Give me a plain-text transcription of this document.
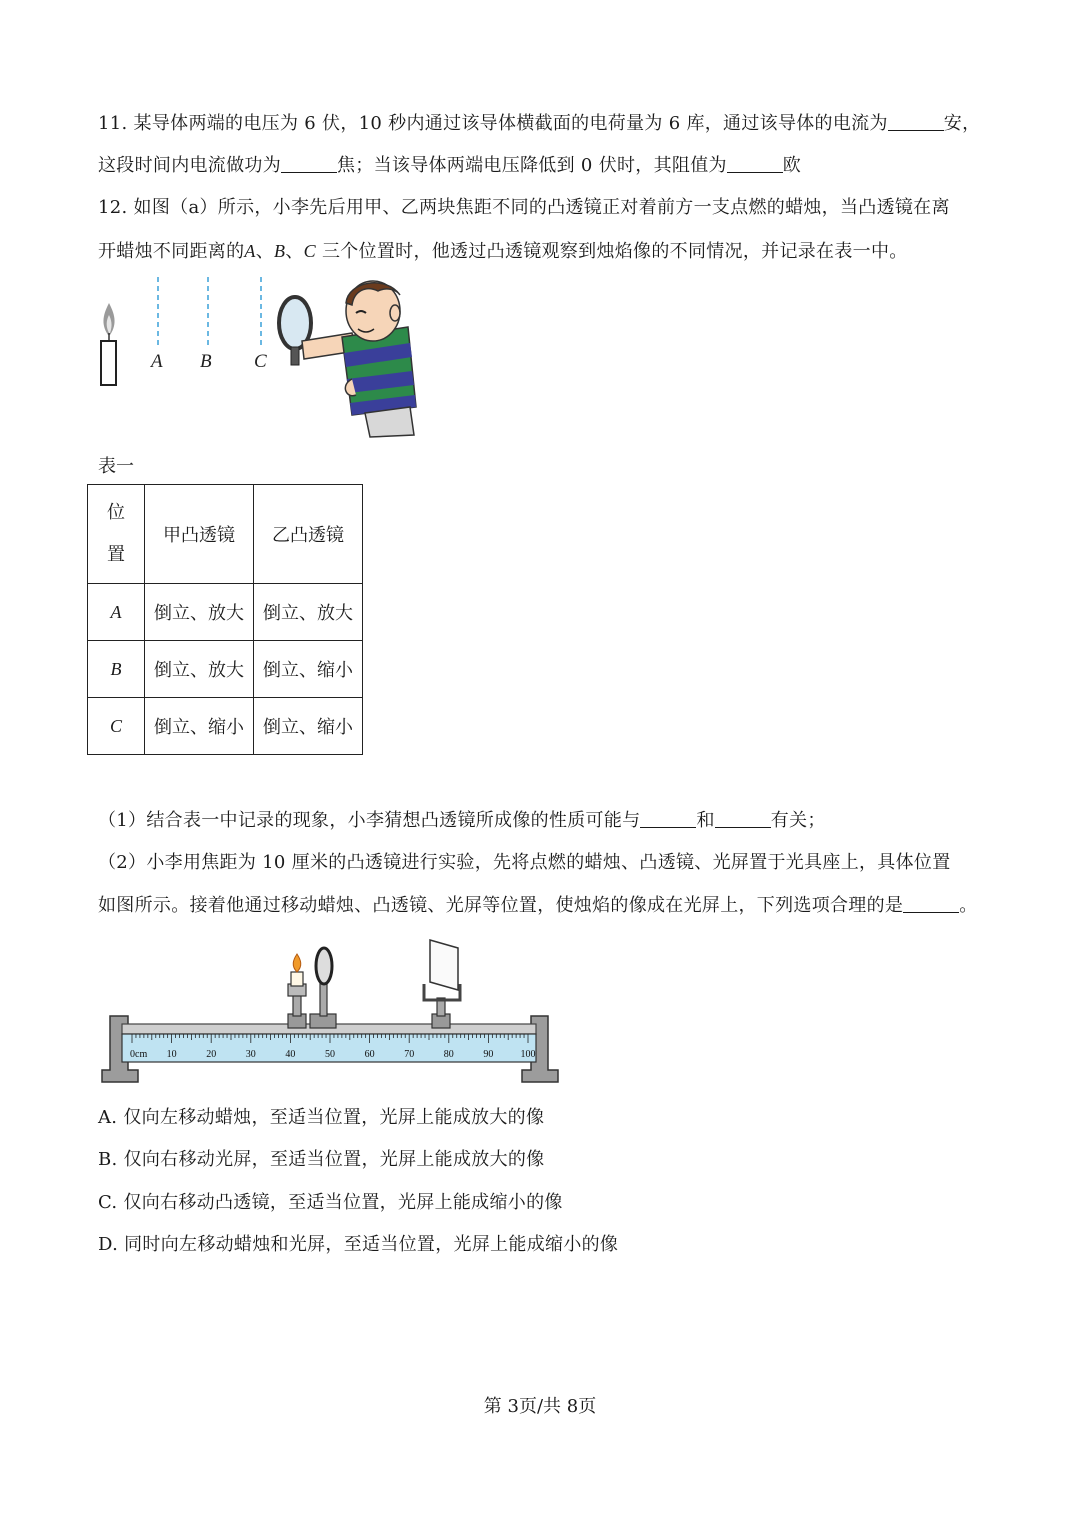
11. 某导体两端的电压为 6 伏，10 秒内通过该导体横截面的电荷量为 6 库，通过该导体的电流为	安，
这段时间内电流做功为	焦；当该导体两端电压降低到 0 伏时，其阻值为	欧
12. 如图（a）所示，小李先后用甲、乙两块焦距不同的凸透镜正对着前方一支点燃的蜡烛，当凸透镜在离
开蜡烛不同距离的A、B、C 三个位置时，他透过凸透镜观察到烛焰像的不同情况，并记录在表一中。
A B C
表一
位
置	甲凸透镜	乙凸透镜
A	倒立、放大	倒立、放大
B	倒立、放大	倒立、缩小
C	倒立、缩小	倒立、缩小
（1）结合表一中记录的现象，小李猜想凸透镜所成像的性质可能与	和	有关；
（2）小李用焦距为 10 厘米的凸透镜进行实验，先将点燃的蜡烛、凸透镜、光屏置于光具座上，具体位置
如图所示。接着他通过移动蜡烛、凸透镜、光屏等位置，使烛焰的像成在光屏上，下列选项合理的是	。
0cm 10	20	30	40	50	60	70	80	90	100
A. 仅向左移动蜡烛，至适当位置，光屏上能成放大的像
B. 仅向右移动光屏，至适当位置，光屏上能成放大的像
C. 仅向右移动凸透镜，至适当位置，光屏上能成缩小的像
D. 同时向左移动蜡烛和光屏，至适当位置，光屏上能成缩小的像
第 3页/共 8页
